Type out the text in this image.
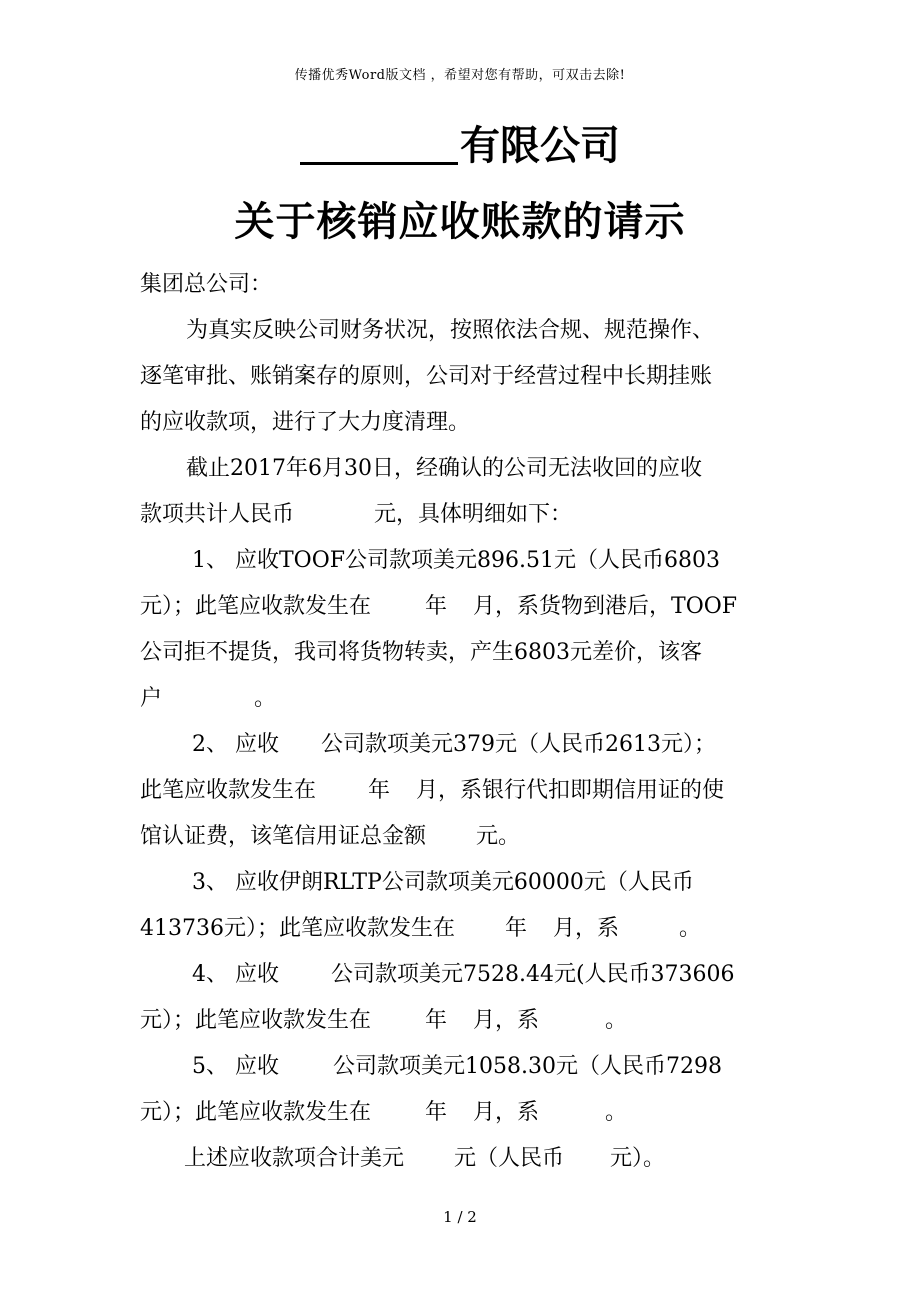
传播优秀Word版文档 ，希望对您有帮助，可双击去除!
有限公司
关于核销应收账款的请示
集团总公司：
为真实反映公司财务状况，按照依法合规、规范操作、
逐笔审批、账销案存的原则，公司对于经营过程中长期挂账
的应收款项，进行了大力度清理。
截止2017年6月30日，经确认的公司无法收回的应收
款项共计人民币	元，具体明细如下：
1、 应收TOOF公司款项美元896.51元（人民币6803
元）；此笔应收款发生在 年 月，系货物到港后，TOOF
公司拒不提货，我司将货物转卖，产生6803元差价，该客
户	。
2、 应收 公司款项美元379元（人民币2613元）；
此笔应收款发生在 年 月，系银行代扣即期信用证的使
馆认证费，该笔信用证总金额 元。
3、 应收伊朗RLTP公司款项美元60000元（人民币
413736元）；此笔应收款发生在 年 月，系	。
4、 应收 公司款项美元7528.44元(人民币373606
元）；此笔应收款发生在 年 月，系	。
5、 应收 公司款项美元1058.30元（人民币7298
元）；此笔应收款发生在 年 月，系	。
上述应收款项合计美元 元（人民币 元）。
1 / 2
